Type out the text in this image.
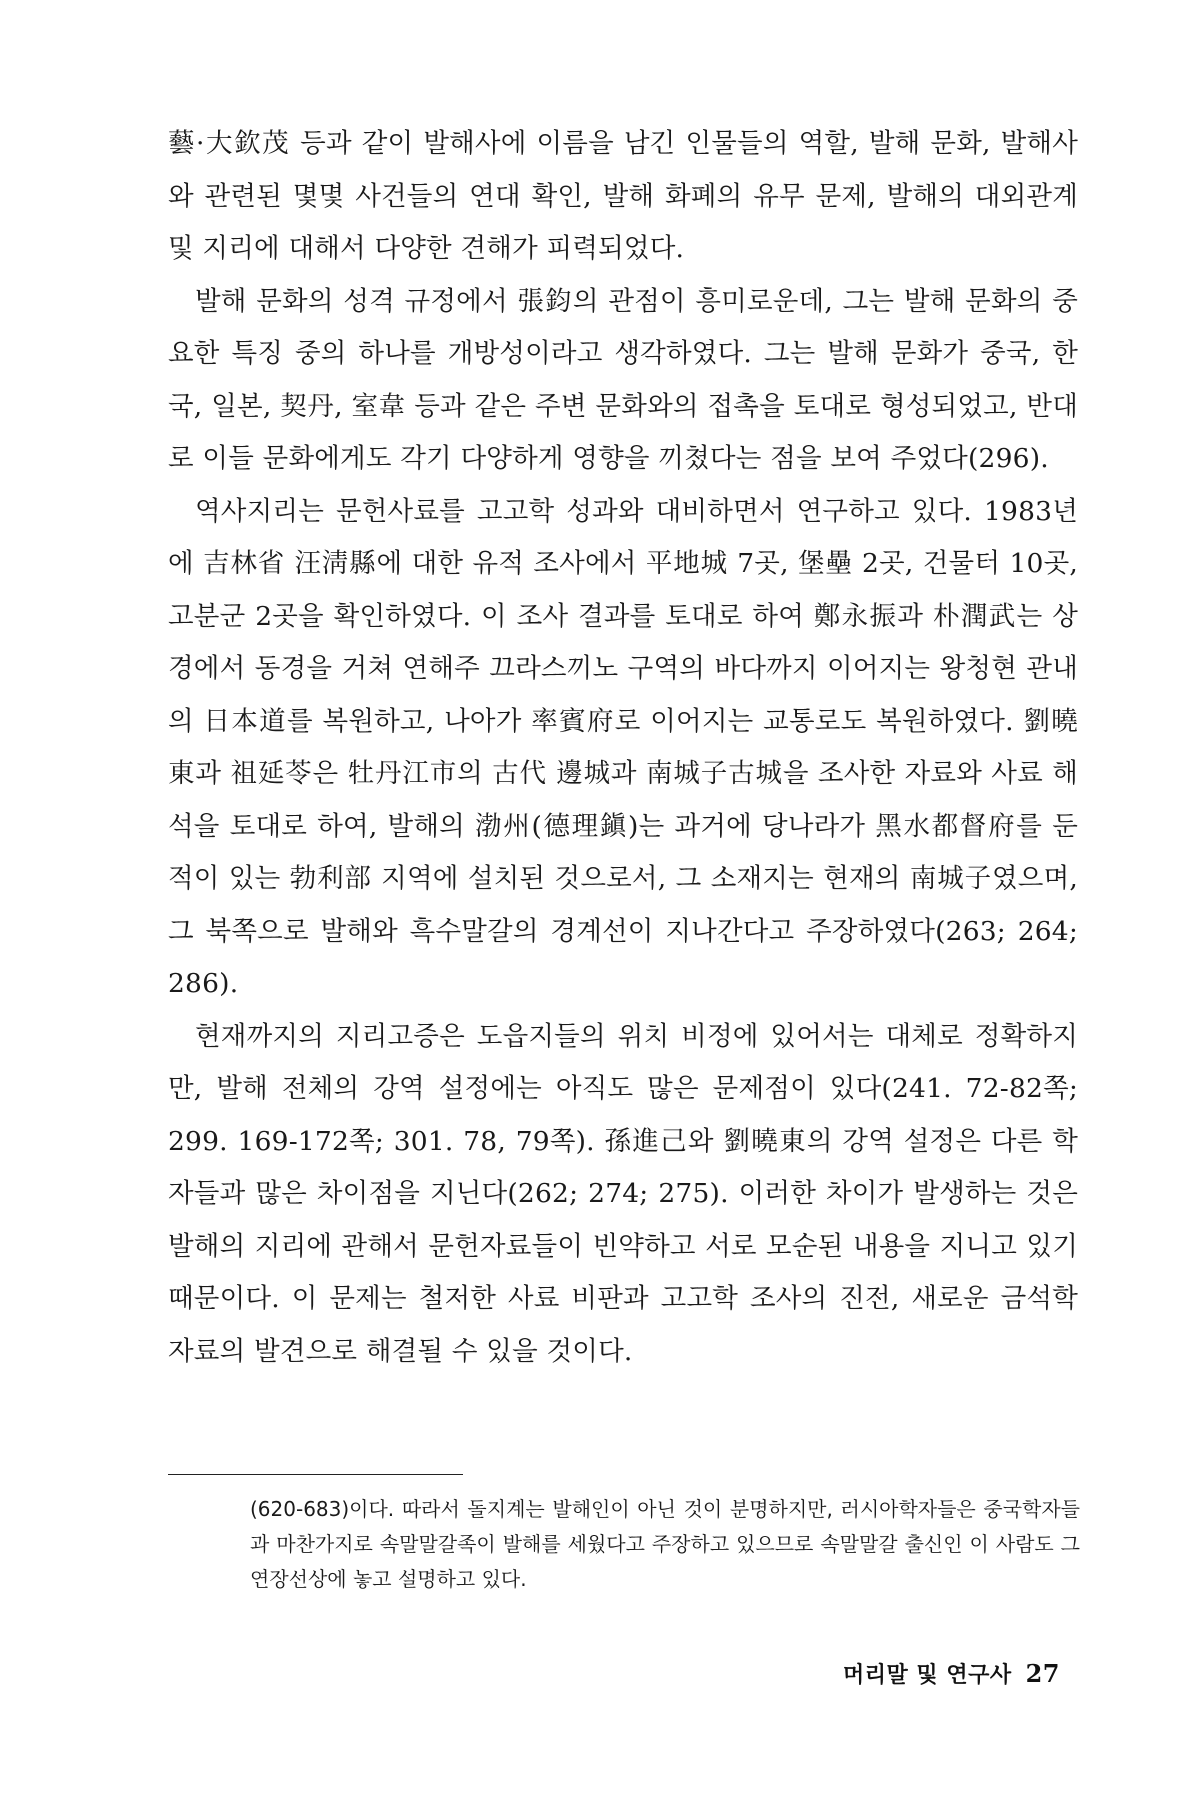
藝·大欽茂 등과 같이 발해사에 이름을 남긴 인물들의 역할, 발해 문화, 발해사와 관련된 몇몇 사건들의 연대 확인, 발해 화폐의 유무 문제, 발해의 대외관계 및 지리에 대해서 다양한 견해가 피력되었다.

발해 문화의 성격 규정에서 張鈞의 관점이 흥미로운데, 그는 발해 문화의 중요한 특징 중의 하나를 개방성이라고 생각하였다. 그는 발해 문화가 중국, 한국, 일본, 契丹, 室韋 등과 같은 주변 문화와의 접촉을 토대로 형성되었고, 반대로 이들 문화에게도 각기 다양하게 영향을 끼쳤다는 점을 보여 주었다(296).

역사지리는 문헌사료를 고고학 성과와 대비하면서 연구하고 있다. 1983년에 吉林省 汪淸縣에 대한 유적 조사에서 平地城 7곳, 堡壘 2곳, 건물터 10곳, 고분군 2곳을 확인하였다. 이 조사 결과를 토대로 하여 鄭永振과 朴潤武는 상경에서 동경을 거쳐 연해주 끄라스끼노 구역의 바다까지 이어지는 왕청현 관내의 日本道를 복원하고, 나아가 率賓府로 이어지는 교통로도 복원하였다. 劉曉東과 祖延苓은 牡丹江市의 古代 邊城과 南城子古城을 조사한 자료와 사료 해석을 토대로 하여, 발해의 渤州(德理鎭)는 과거에 당나라가 黑水都督府를 둔 적이 있는 勃利部 지역에 설치된 것으로서, 그 소재지는 현재의 南城子였으며, 그 북쪽으로 발해와 흑수말갈의 경계선이 지나간다고 주장하였다(263; 264; 286).

현재까지의 지리고증은 도읍지들의 위치 비정에 있어서는 대체로 정확하지만, 발해 전체의 강역 설정에는 아직도 많은 문제점이 있다(241. 72-82쪽; 299. 169-172쪽; 301. 78, 79쪽). 孫進己와 劉曉東의 강역 설정은 다른 학자들과 많은 차이점을 지닌다(262; 274; 275). 이러한 차이가 발생하는 것은 발해의 지리에 관해서 문헌자료들이 빈약하고 서로 모순된 내용을 지니고 있기 때문이다. 이 문제는 철저한 사료 비판과 고고학 조사의 진전, 새로운 금석학 자료의 발견으로 해결될 수 있을 것이다.

(620-683)이다. 따라서 돌지계는 발해인이 아닌 것이 분명하지만, 러시아학자들은 중국학자들과 마찬가지로 속말말갈족이 발해를 세웠다고 주장하고 있으므로 속말말갈 출신인 이 사람도 그 연장선상에 놓고 설명하고 있다.

머리말 및 연구사 27
